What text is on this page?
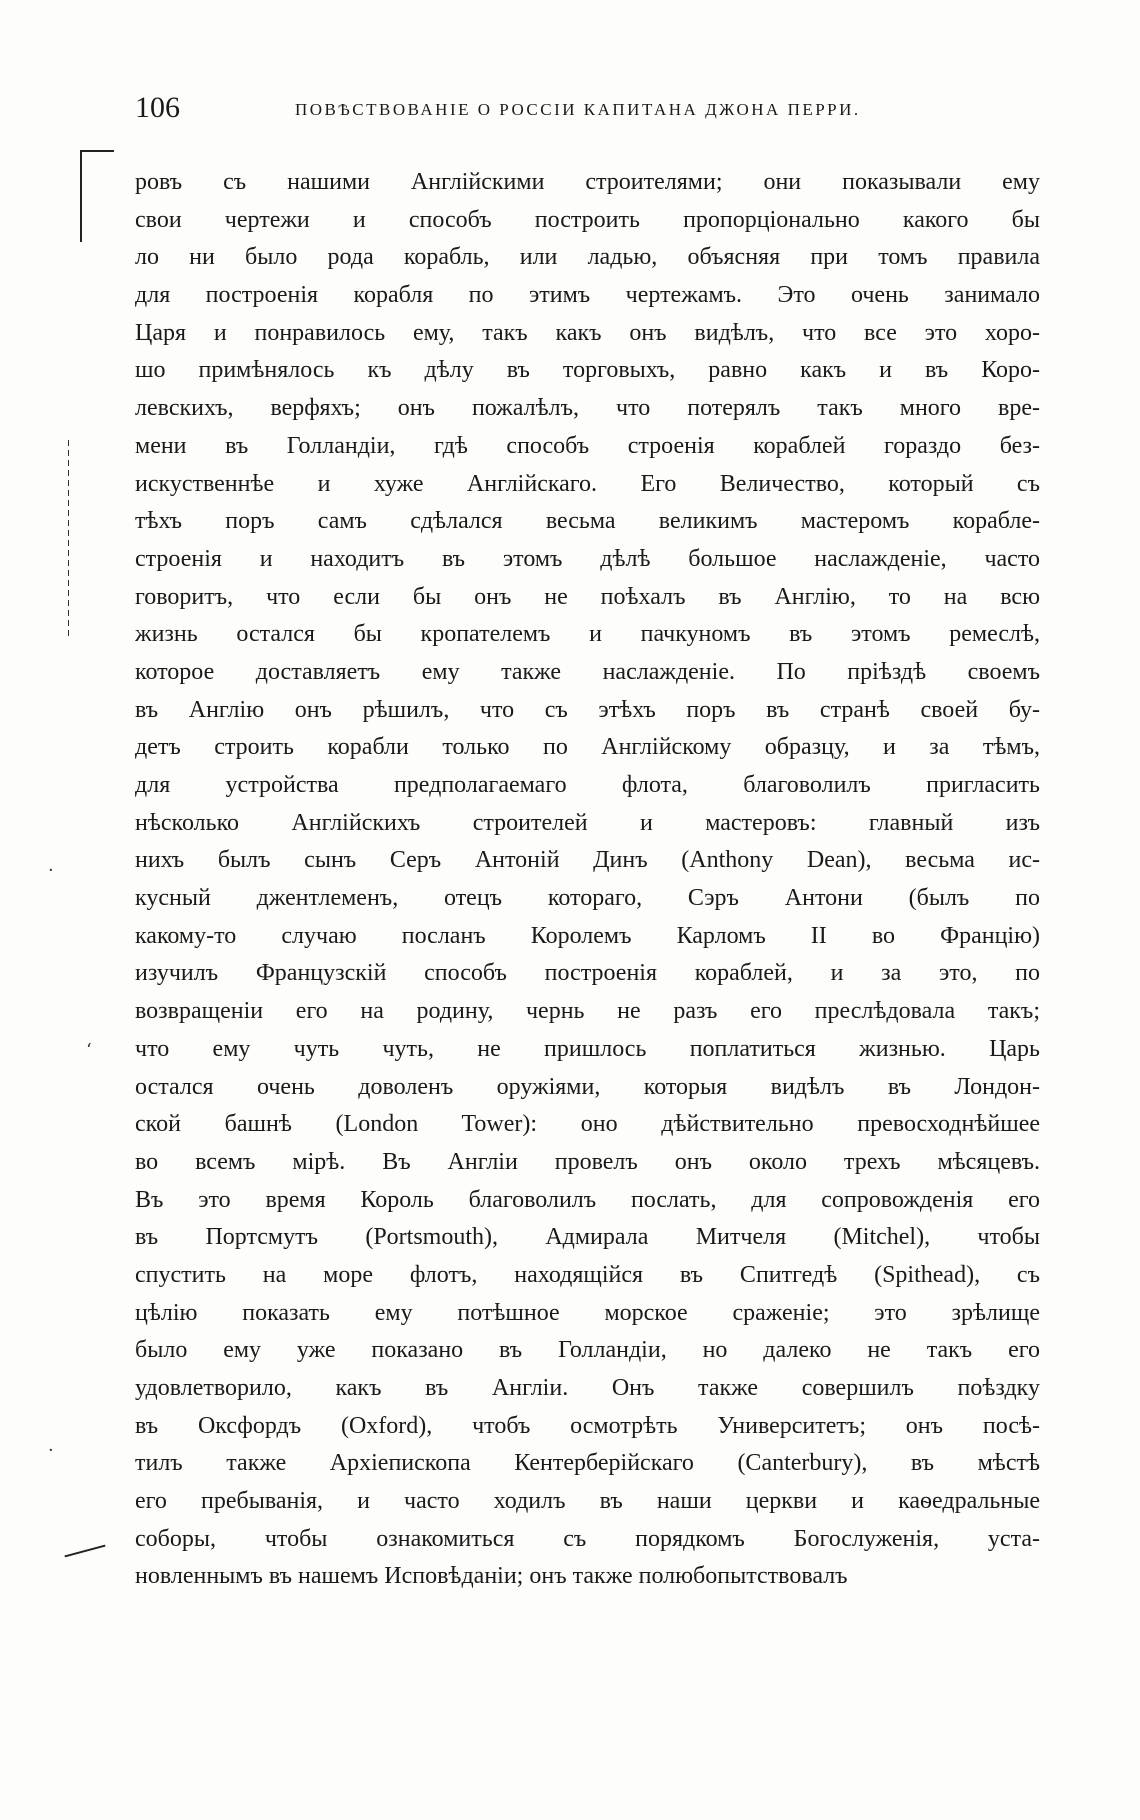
106	ПОВѢСТВОВАНІЕ О РОССІИ КАПИТАНА ДЖОНА ПЕРРИ.
·
ʻ
·
ровъ съ нашими Англійскими строителями; они показывали ему
свои чертежи и способъ построить пропорціонально какого бы
ло ни было рода корабль, или ладью, объясняя при томъ правила
для построенія корабля по этимъ чертежамъ. Это очень занимало
Царя и понравилось ему, такъ какъ онъ видѣлъ, что все это хоро-
шо примѣнялось къ дѣлу въ торговыхъ, равно какъ и въ Коро-
левскихъ, верфяхъ; онъ пожалѣлъ, что потерялъ такъ много вре-
мени въ Голландіи, гдѣ способъ строенія кораблей гораздо без-
искуственнѣе и хуже Англійскаго. Его Величество, который съ
тѣхъ поръ самъ сдѣлался весьма великимъ мастеромъ корабле-
строенія и находитъ въ этомъ дѣлѣ большое наслажденіе, часто
говоритъ, что если бы онъ не поѣхалъ въ Англію, то на всю
жизнь остался бы кропателемъ и пачкуномъ въ этомъ ремеслѣ,
которое доставляетъ ему также наслажденіе. По пріѣздѣ своемъ
въ Англію онъ рѣшилъ, что съ этѣхъ поръ въ странѣ своей бу-
детъ строить корабли только по Англійскому образцу, и за тѣмъ,
для устройства предполагаемаго флота, благоволилъ пригласить
нѣсколько Англійскихъ строителей и мастеровъ: главный изъ
нихъ былъ сынъ Серъ Антоній Динъ (Anthony Dean), весьма ис-
кусный джентлеменъ, отецъ котораго, Сэръ Антони (былъ по
какому-то случаю посланъ Королемъ Карломъ II во Францію)
изучилъ Французскій способъ построенія кораблей, и за это, по
возвращеніи его на родину, чернь не разъ его преслѣдовала такъ;
что ему чуть чуть, не пришлось поплатиться жизнью. Царь
остался очень доволенъ оружіями, которыя видѣлъ въ Лондон-
ской башнѣ (London Tower): оно дѣйствительно превосходнѣйшее
во всемъ мірѣ. Въ Англіи провелъ онъ около трехъ мѣсяцевъ.
Въ это время Король благоволилъ послать, для сопровожденія его
въ Портсмутъ (Portsmouth), Адмирала Митчеля (Mitchel), чтобы
спустить на море флотъ, находящійся въ Спитгедѣ (Spithead), съ
цѣлію показать ему потѣшное морское сраженіе; это зрѣлище
было ему уже показано въ Голландіи, но далеко не такъ его
удовлетворило, какъ въ Англіи. Онъ также совершилъ поѣздку
въ Оксфордъ (Oxford), чтобъ осмотрѣть Университетъ; онъ посѣ-
тилъ также Архіепископа Кентерберійскаго (Canterbury), въ мѣстѣ
его пребыванія, и часто ходилъ въ наши церкви и каѳедральные
соборы, чтобы ознакомиться съ порядкомъ Богослуженія, уста-
новленнымъ въ нашемъ Исповѣданіи; онъ также полюбопытствовалъ
